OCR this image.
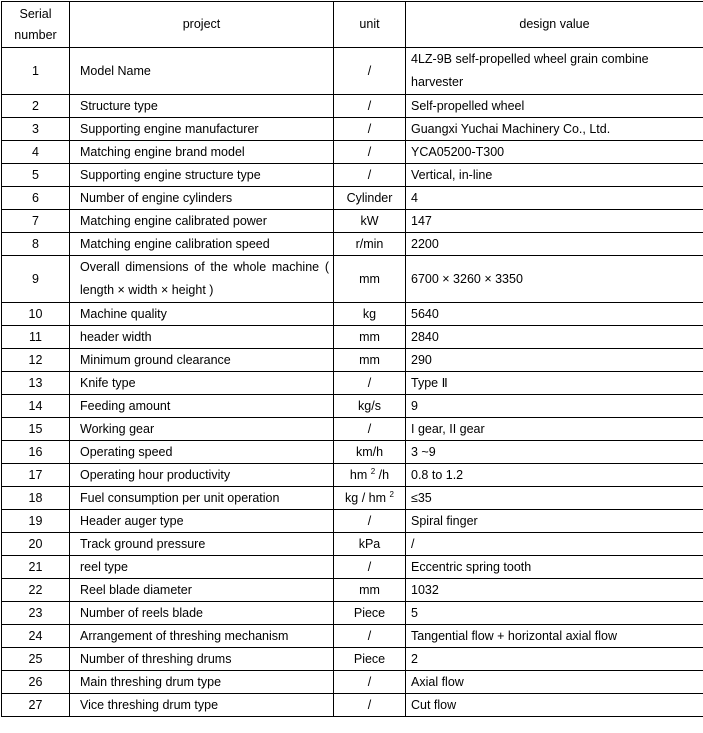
Serial number	project	unit	design value
1	Model Name	/	4LZ-9B self-propelled wheel grain combine harvester
2	Structure type	/	Self-propelled wheel
3	Supporting engine manufacturer	/	Guangxi Yuchai Machinery Co., Ltd.
4	Matching engine brand model	/	YCA05200-T300
5	Supporting engine structure type	/	Vertical, in-line
6	Number of engine cylinders	Cylinder	4
7	Matching engine calibrated power	kW	147
8	Matching engine calibration speed	r/min	2200
9	Overall dimensions of the whole machine ( length × width × height )	mm	6700 × 3260 × 3350
10	Machine quality	kg	5640
11	header width	mm	2840
12	Minimum ground clearance	mm	290
13	Knife type	/	Type Ⅱ
14	Feeding amount	kg/s	9
15	Working gear	/	I gear, II gear
16	Operating speed	km/h	3 ~9
17	Operating hour productivity	hm $^2$ /h	0.8 to 1.2
18	Fuel consumption per unit operation	kg / hm $^2$	≤35
19	Header auger type	/	Spiral finger
20	Track ground pressure	kPa	/
21	reel type	/	Eccentric spring tooth
22	Reel blade diameter	mm	1032
23	Number of reels blade	Piece	5
24	Arrangement of threshing mechanism	/	Tangential flow + horizontal axial flow
25	Number of threshing drums	Piece	2
26	Main threshing drum type	/	Axial flow
27	Vice threshing drum type	/	Cut flow
